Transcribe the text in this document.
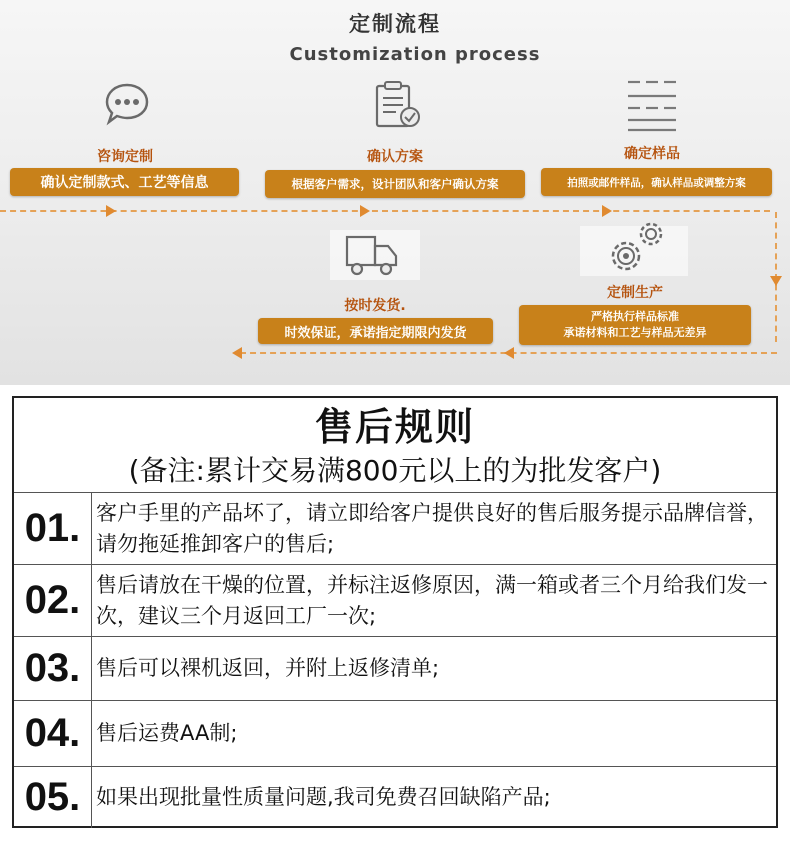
定制流程
Customization process
咨询定制
确认定制款式、工艺等信息
确认方案
根据客户需求，设计团队和客户确认方案
确定样品
拍照或邮件样品，确认样品或调整方案
定制生产
严格执行样品标准
承诺材料和工艺与样品无差异
按时发货.
时效保证，承诺指定期限内发货
售后规则
(备注:累计交易满800元以上的为批发客户)
01. 客户手里的产品坏了，请立即给客户提供良好的售后服务提示品牌信誉，请勿拖延推卸客户的售后;
02. 售后请放在干燥的位置，并标注返修原因，满一箱或者三个月给我们发一次，建议三个月返回工厂一次;
03. 售后可以裸机返回，并附上返修清单;
04. 售后运费AA制;
05. 如果出现批量性质量问题,我司免费召回缺陷产品;
